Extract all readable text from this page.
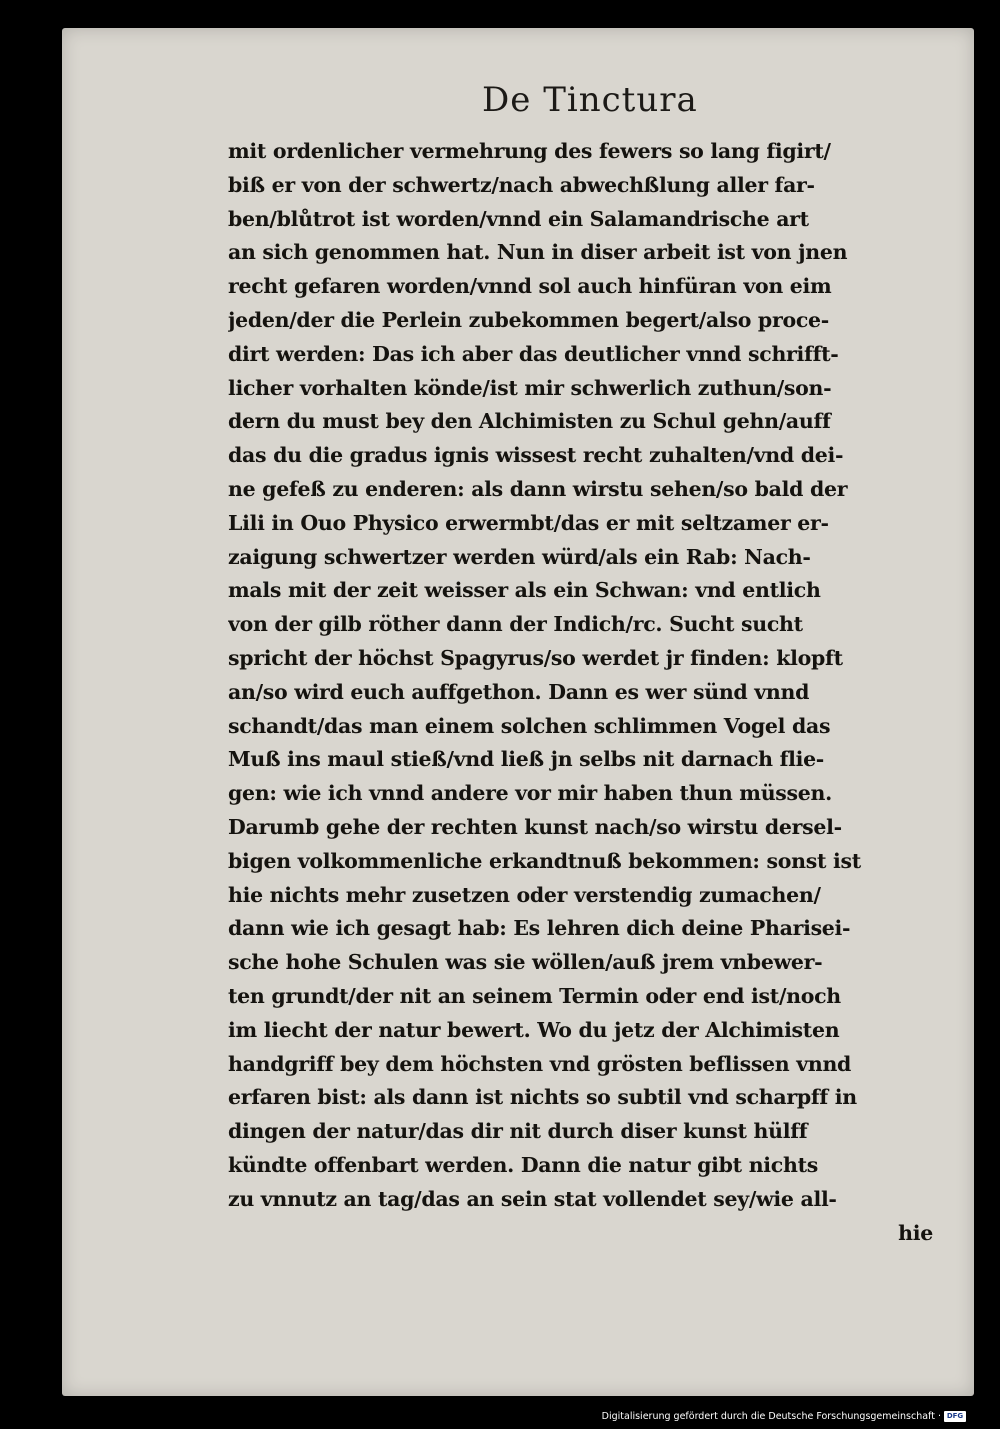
De Tinctura
mit ordenlicher vermehrung des fewers so lang figirt/
biß er von der schwertz/nach abwechßlung aller far-
ben/blůtrot ist worden/vnnd ein Salamandrische art
an sich genommen hat. Nun in diser arbeit ist von jnen
recht gefaren worden/vnnd sol auch hinfüran von eim
jeden/der die Perlein zubekommen begert/also proce-
dirt werden: Das ich aber das deutlicher vnnd schrifft-
licher vorhalten könde/ist mir schwerlich zuthun/son-
dern du must bey den Alchimisten zu Schul gehn/auff
das du die gradus ignis wissest recht zuhalten/vnd dei-
ne gefeß zu enderen: als dann wirstu sehen/so bald der
Lili in Ouo Physico erwermbt/das er mit seltzamer er-
zaigung schwertzer werden würd/als ein Rab: Nach-
mals mit der zeit weisser als ein Schwan: vnd entlich
von der gilb röther dann der Indich/rc. Sucht sucht
spricht der höchst Spagyrus/so werdet jr finden: klopft
an/so wird euch auffgethon. Dann es wer sünd vnnd
schandt/das man einem solchen schlimmen Vogel das
Muß ins maul stieß/vnd ließ jn selbs nit darnach flie-
gen: wie ich vnnd andere vor mir haben thun müssen.
Darumb gehe der rechten kunst nach/so wirstu dersel-
bigen volkommenliche erkandtnuß bekommen: sonst ist
hie nichts mehr zusetzen oder verstendig zumachen/
dann wie ich gesagt hab: Es lehren dich deine Pharisei-
sche hohe Schulen was sie wöllen/auß jrem vnbewer-
ten grundt/der nit an seinem Termin oder end ist/noch
im liecht der natur bewert. Wo du jetz der Alchimisten
handgriff bey dem höchsten vnd grösten beflissen vnnd
erfaren bist: als dann ist nichts so subtil vnd scharpff in
dingen der natur/das dir nit durch diser kunst hülff
kündte offenbart werden. Dann die natur gibt nichts
zu vnnutz an tag/das an sein stat vollendet sey/wie all-
hie
Digitalisierung gefördert durch die Deutsche Forschungsgemeinschaft · DFG
